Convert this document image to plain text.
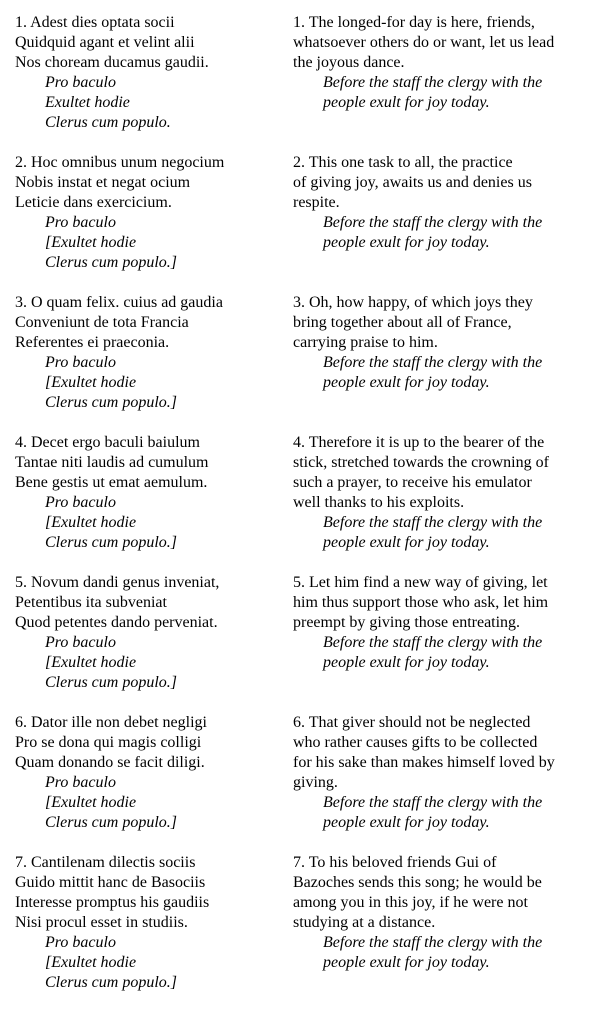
1. Adest dies optata socii
Quidquid agant et velint alii
Nos choream ducamus gaudii.
Pro baculo
Exultet hodie
Clerus cum populo.
1. The longed-for day is here, friends,
whatsoever others do or want, let us lead
the joyous dance.
Before the staff the clergy with the
people exult for joy today.
2. Hoc omnibus unum negocium
Nobis instat et negat ocium
Leticie dans exercicium.
Pro baculo
[Exultet hodie
Clerus cum populo.]
2. This one task to all, the practice
of giving joy, awaits us and denies us
respite.
Before the staff the clergy with the
people exult for joy today.
3. O quam felix. cuius ad gaudia
Conveniunt de tota Francia
Referentes ei praeconia.
Pro baculo
[Exultet hodie
Clerus cum populo.]
3. Oh, how happy, of which joys they
bring together about all of France,
carrying praise to him.
Before the staff the clergy with the
people exult for joy today.
4. Decet ergo baculi baiulum
Tantae niti laudis ad cumulum
Bene gestis ut emat aemulum.
Pro baculo
[Exultet hodie
Clerus cum populo.]
4. Therefore it is up to the bearer of the
stick, stretched towards the crowning of
such a prayer, to receive his emulator
well thanks to his exploits.
Before the staff the clergy with the
people exult for joy today.
5. Novum dandi genus inveniat,
Petentibus ita subveniat
Quod petentes dando perveniat.
Pro baculo
[Exultet hodie
Clerus cum populo.]
5. Let him find a new way of giving, let
him thus support those who ask, let him
preempt by giving those entreating.
Before the staff the clergy with the
people exult for joy today.
6. Dator ille non debet negligi
Pro se dona qui magis colligi
Quam donando se facit diligi.
Pro baculo
[Exultet hodie
Clerus cum populo.]
6. That giver should not be neglected
who rather causes gifts to be collected
for his sake than makes himself loved by
giving.
Before the staff the clergy with the
people exult for joy today.
7. Cantilenam dilectis sociis
Guido mittit hanc de Basociis
Interesse promptus his gaudiis
Nisi procul esset in studiis.
Pro baculo
[Exultet hodie
Clerus cum populo.]
7. To his beloved friends Gui of
Bazoches sends this song; he would be
among you in this joy, if he were not
studying at a distance.
Before the staff the clergy with the
people exult for joy today.
